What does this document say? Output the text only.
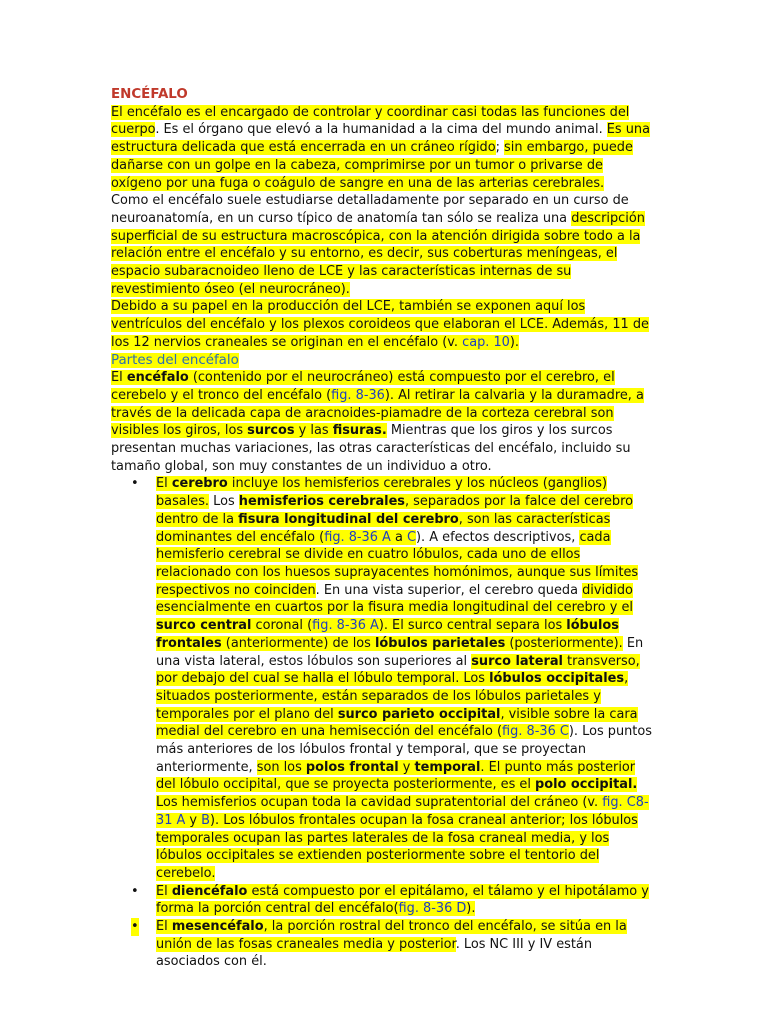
ENCÉFALO

El encéfalo es el encargado de controlar y coordinar casi todas las funciones del cuerpo. Es el órgano que elevó a la humanidad a la cima del mundo animal. Es una estructura delicada que está encerrada en un cráneo rígido; sin embargo, puede dañarse con un golpe en la cabeza, comprimirse por un tumor o privarse de oxígeno por una fuga o coágulo de sangre en una de las arterias cerebrales.

Como el encéfalo suele estudiarse detalladamente por separado en un curso de neuroanatomía, en un curso típico de anatomía tan sólo se realiza una descripción superficial de su estructura macroscópica, con la atención dirigida sobre todo a la relación entre el encéfalo y su entorno, es decir, sus coberturas meníngeas, el espacio subaracnoideo lleno de LCE y las características internas de su revestimiento óseo (el neurocráneo).

Debido a su papel en la producción del LCE, también se exponen aquí los ventrículos del encéfalo y los plexos coroideos que elaboran el LCE. Además, 11 de los 12 nervios craneales se originan en el encéfalo (v. cap. 10).

Partes del encéfalo

El encéfalo (contenido por el neurocráneo) está compuesto por el cerebro, el cerebelo y el tronco del encéfalo (fig. 8-36). Al retirar la calvaria y la duramadre, a través de la delicada capa de aracnoides-piamadre de la corteza cerebral son visibles los giros, los surcos y las fisuras. Mientras que los giros y los surcos presentan muchas variaciones, las otras características del encéfalo, incluido su tamaño global, son muy constantes de un individuo a otro.

• El cerebro incluye los hemisferios cerebrales y los núcleos (ganglios) basales. Los hemisferios cerebrales, separados por la falce del cerebro dentro de la fisura longitudinal del cerebro, son las características dominantes del encéfalo (fig. 8-36 A a C). A efectos descriptivos, cada hemisferio cerebral se divide en cuatro lóbulos, cada uno de ellos relacionado con los huesos suprayacentes homónimos, aunque sus límites respectivos no coinciden. En una vista superior, el cerebro queda dividido esencialmente en cuartos por la fisura media longitudinal del cerebro y el surco central coronal (fig. 8-36 A). El surco central separa los lóbulos frontales (anteriormente) de los lóbulos parietales (posteriormente). En una vista lateral, estos lóbulos son superiores al surco lateral transverso, por debajo del cual se halla el lóbulo temporal. Los lóbulos occipitales, situados posteriormente, están separados de los lóbulos parietales y temporales por el plano del surco parieto occipital, visible sobre la cara medial del cerebro en una hemisección del encéfalo (fig. 8-36 C). Los puntos más anteriores de los lóbulos frontal y temporal, que se proyectan anteriormente, son los polos frontal y temporal. El punto más posterior del lóbulo occipital, que se proyecta posteriormente, es el polo occipital. Los hemisferios ocupan toda la cavidad supratentorial del cráneo (v. fig. C8-31 A y B). Los lóbulos frontales ocupan la fosa craneal anterior; los lóbulos temporales ocupan las partes laterales de la fosa craneal media, y los lóbulos occipitales se extienden posteriormente sobre el tentorio del cerebelo.
• El diencéfalo está compuesto por el epitálamo, el tálamo y el hipotálamo y forma la porción central del encéfalo(fig. 8-36 D).
• El mesencéfalo, la porción rostral del tronco del encéfalo, se sitúa en la unión de las fosas craneales media y posterior. Los NC III y IV están asociados con él.
